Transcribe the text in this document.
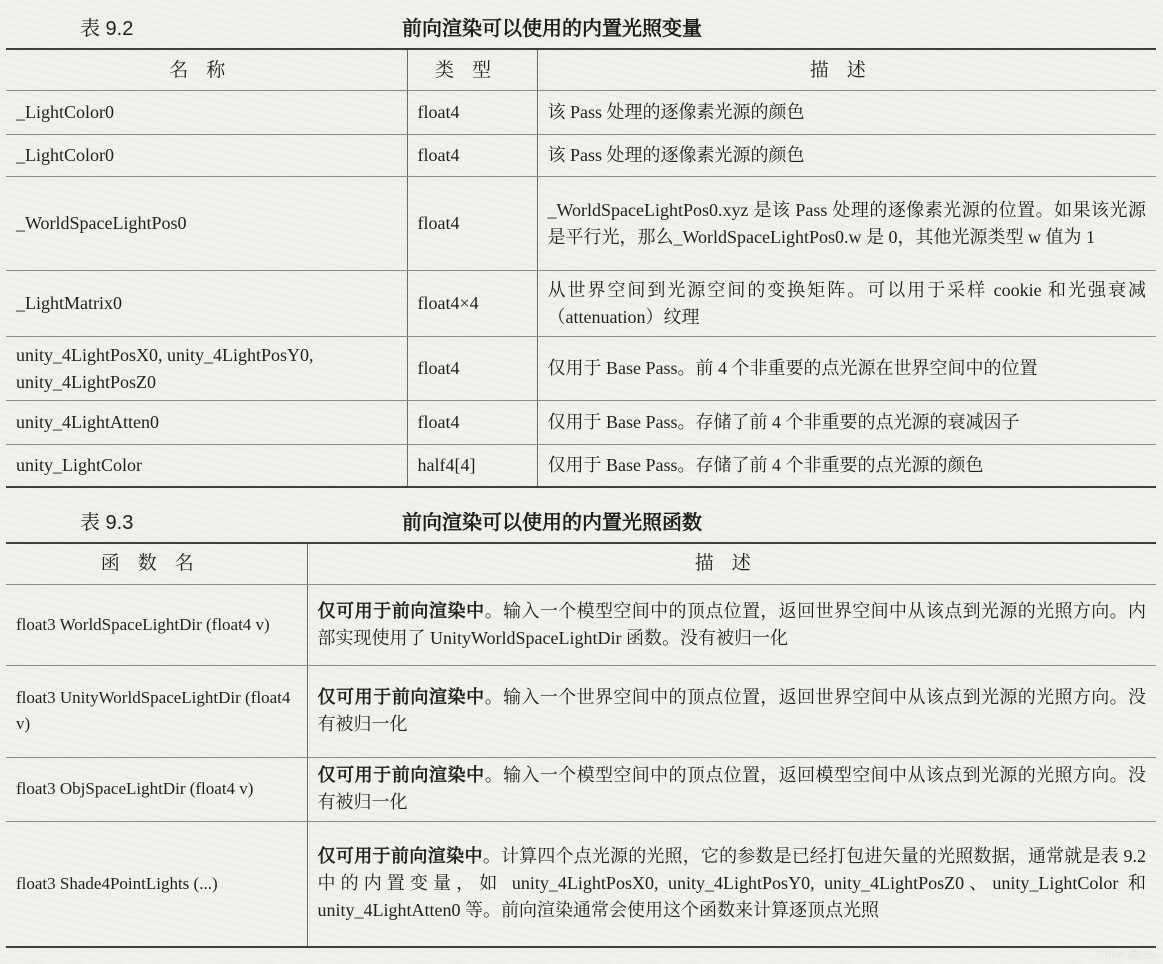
表 9.2	前向渲染可以使用的内置光照变量
名称	类型	描述
_LightColor0	float4	该 Pass 处理的逐像素光源的颜色
_LightColor0	float4	该 Pass 处理的逐像素光源的颜色
_WorldSpaceLightPos0	float4	_WorldSpaceLightPos0.xyz 是该 Pass 处理的逐像素光源的位置。如果该光源是平行光，那么_WorldSpaceLightPos0.w 是 0，其他光源类型 w 值为 1
_LightMatrix0	float4×4	从世界空间到光源空间的变换矩阵。可以用于采样 cookie 和光强衰减（attenuation）纹理
unity_4LightPosX0, unity_4LightPosY0, unity_4LightPosZ0	float4	仅用于 Base Pass。前 4 个非重要的点光源在世界空间中的位置
unity_4LightAtten0	float4	仅用于 Base Pass。存储了前 4 个非重要的点光源的衰减因子
unity_LightColor	half4[4]	仅用于 Base Pass。存储了前 4 个非重要的点光源的颜色
表 9.3	前向渲染可以使用的内置光照函数
函数名	描述
float3 WorldSpaceLightDir (float4 v)	仅可用于前向渲染中。输入一个模型空间中的顶点位置，返回世界空间中从该点到光源的光照方向。内部实现使用了 UnityWorldSpaceLightDir 函数。没有被归一化
float3 UnityWorldSpaceLightDir (float4 v)	仅可用于前向渲染中。输入一个世界空间中的顶点位置，返回世界空间中从该点到光源的光照方向。没有被归一化
float3 ObjSpaceLightDir (float4 v)	仅可用于前向渲染中。输入一个模型空间中的顶点位置，返回模型空间中从该点到光源的光照方向。没有被归一化
float3 Shade4PointLights (...)	仅可用于前向渲染中。计算四个点光源的光照，它的参数是已经打包进矢量的光照数据，通常就是表 9.2 中的内置变量，如 unity_4LightPosX0, unity_4LightPosY0, unity_4LightPosZ0、unity_LightColor 和 unity_4LightAtten0 等。前向渲染通常会使用这个函数来计算逐顶点光照
CSDN @LLL
